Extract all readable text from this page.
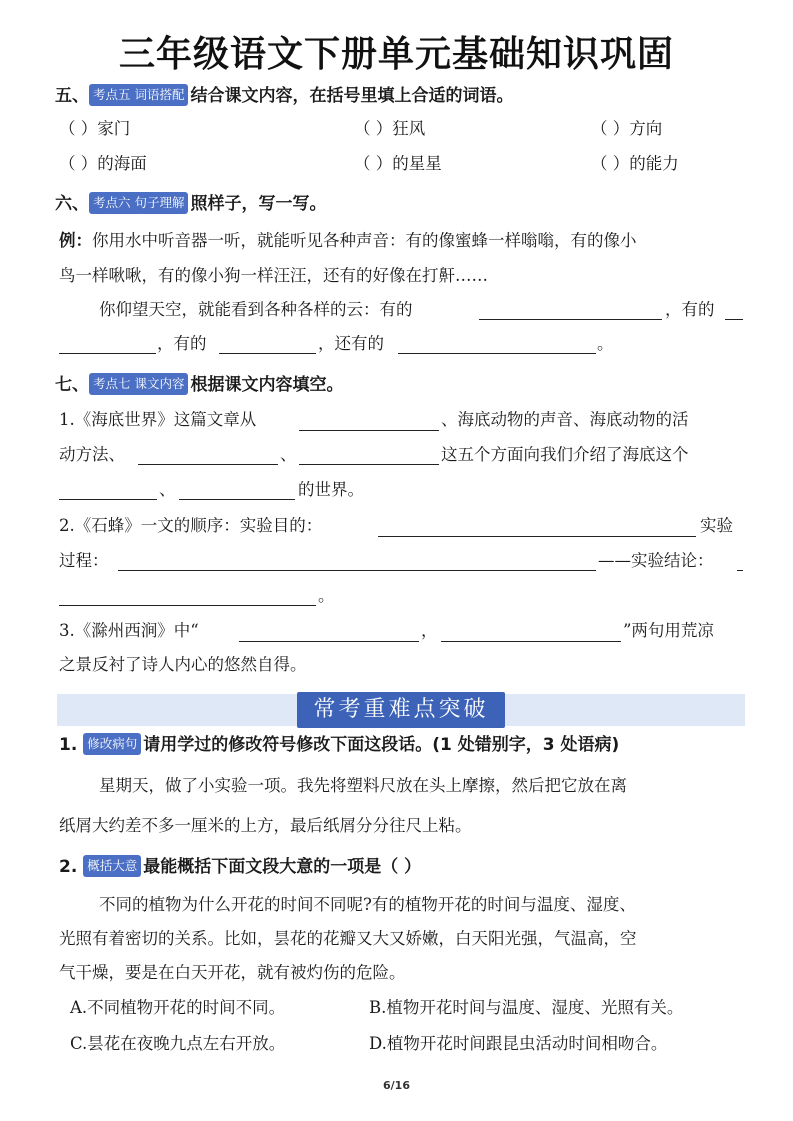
三年级语文下册单元基础知识巩固
五、 考点五 词语搭配 结合课文内容，在括号里填上合适的词语。
（ ）家门	（ ）狂风	（ ）方向
（ ）的海面	（ ）的星星	（ ）的能力
六、 考点六 句子理解 照样子，写一写。
例：你用水中听音器一听，就能听见各种声音：有的像蜜蜂一样嗡嗡，有的像小
鸟一样啾啾，有的像小狗一样汪汪，还有的好像在打鼾……
你仰望天空，就能看到各种各样的云：有的	，有的
，有的	，还有的	。
七、 考点七 课文内容 根据课文内容填空。
1.《海底世界》这篇文章从	、海底动物的声音、海底动物的活
动方法、	、	这五个方面向我们介绍了海底这个
、	的世界。
2.《石蜂》一文的顺序：实验目的：	实验
过程：	——实验结论：
。
3.《滁州西涧》中“	，	”两句用荒凉
之景反衬了诗人内心的悠然自得。
常考重难点突破
1. 修改病句 请用学过的修改符号修改下面这段话。(1 处错别字，3 处语病)
星期天，做了小实验一项。我先将塑料尺放在头上摩擦，然后把它放在离
纸屑大约差不多一厘米的上方，最后纸屑分分往尺上粘。
2. 概括大意 最能概括下面文段大意的一项是（ ）
不同的植物为什么开花的时间不同呢?有的植物开花的时间与温度、湿度、
光照有着密切的关系。比如，昙花的花瓣又大又娇嫩，白天阳光强，气温高，空
气干燥，要是在白天开花，就有被灼伤的危险。
A.不同植物开花的时间不同。	B.植物开花时间与温度、湿度、光照有关。
C.昙花在夜晚九点左右开放。	D.植物开花时间跟昆虫活动时间相吻合。
6/16
